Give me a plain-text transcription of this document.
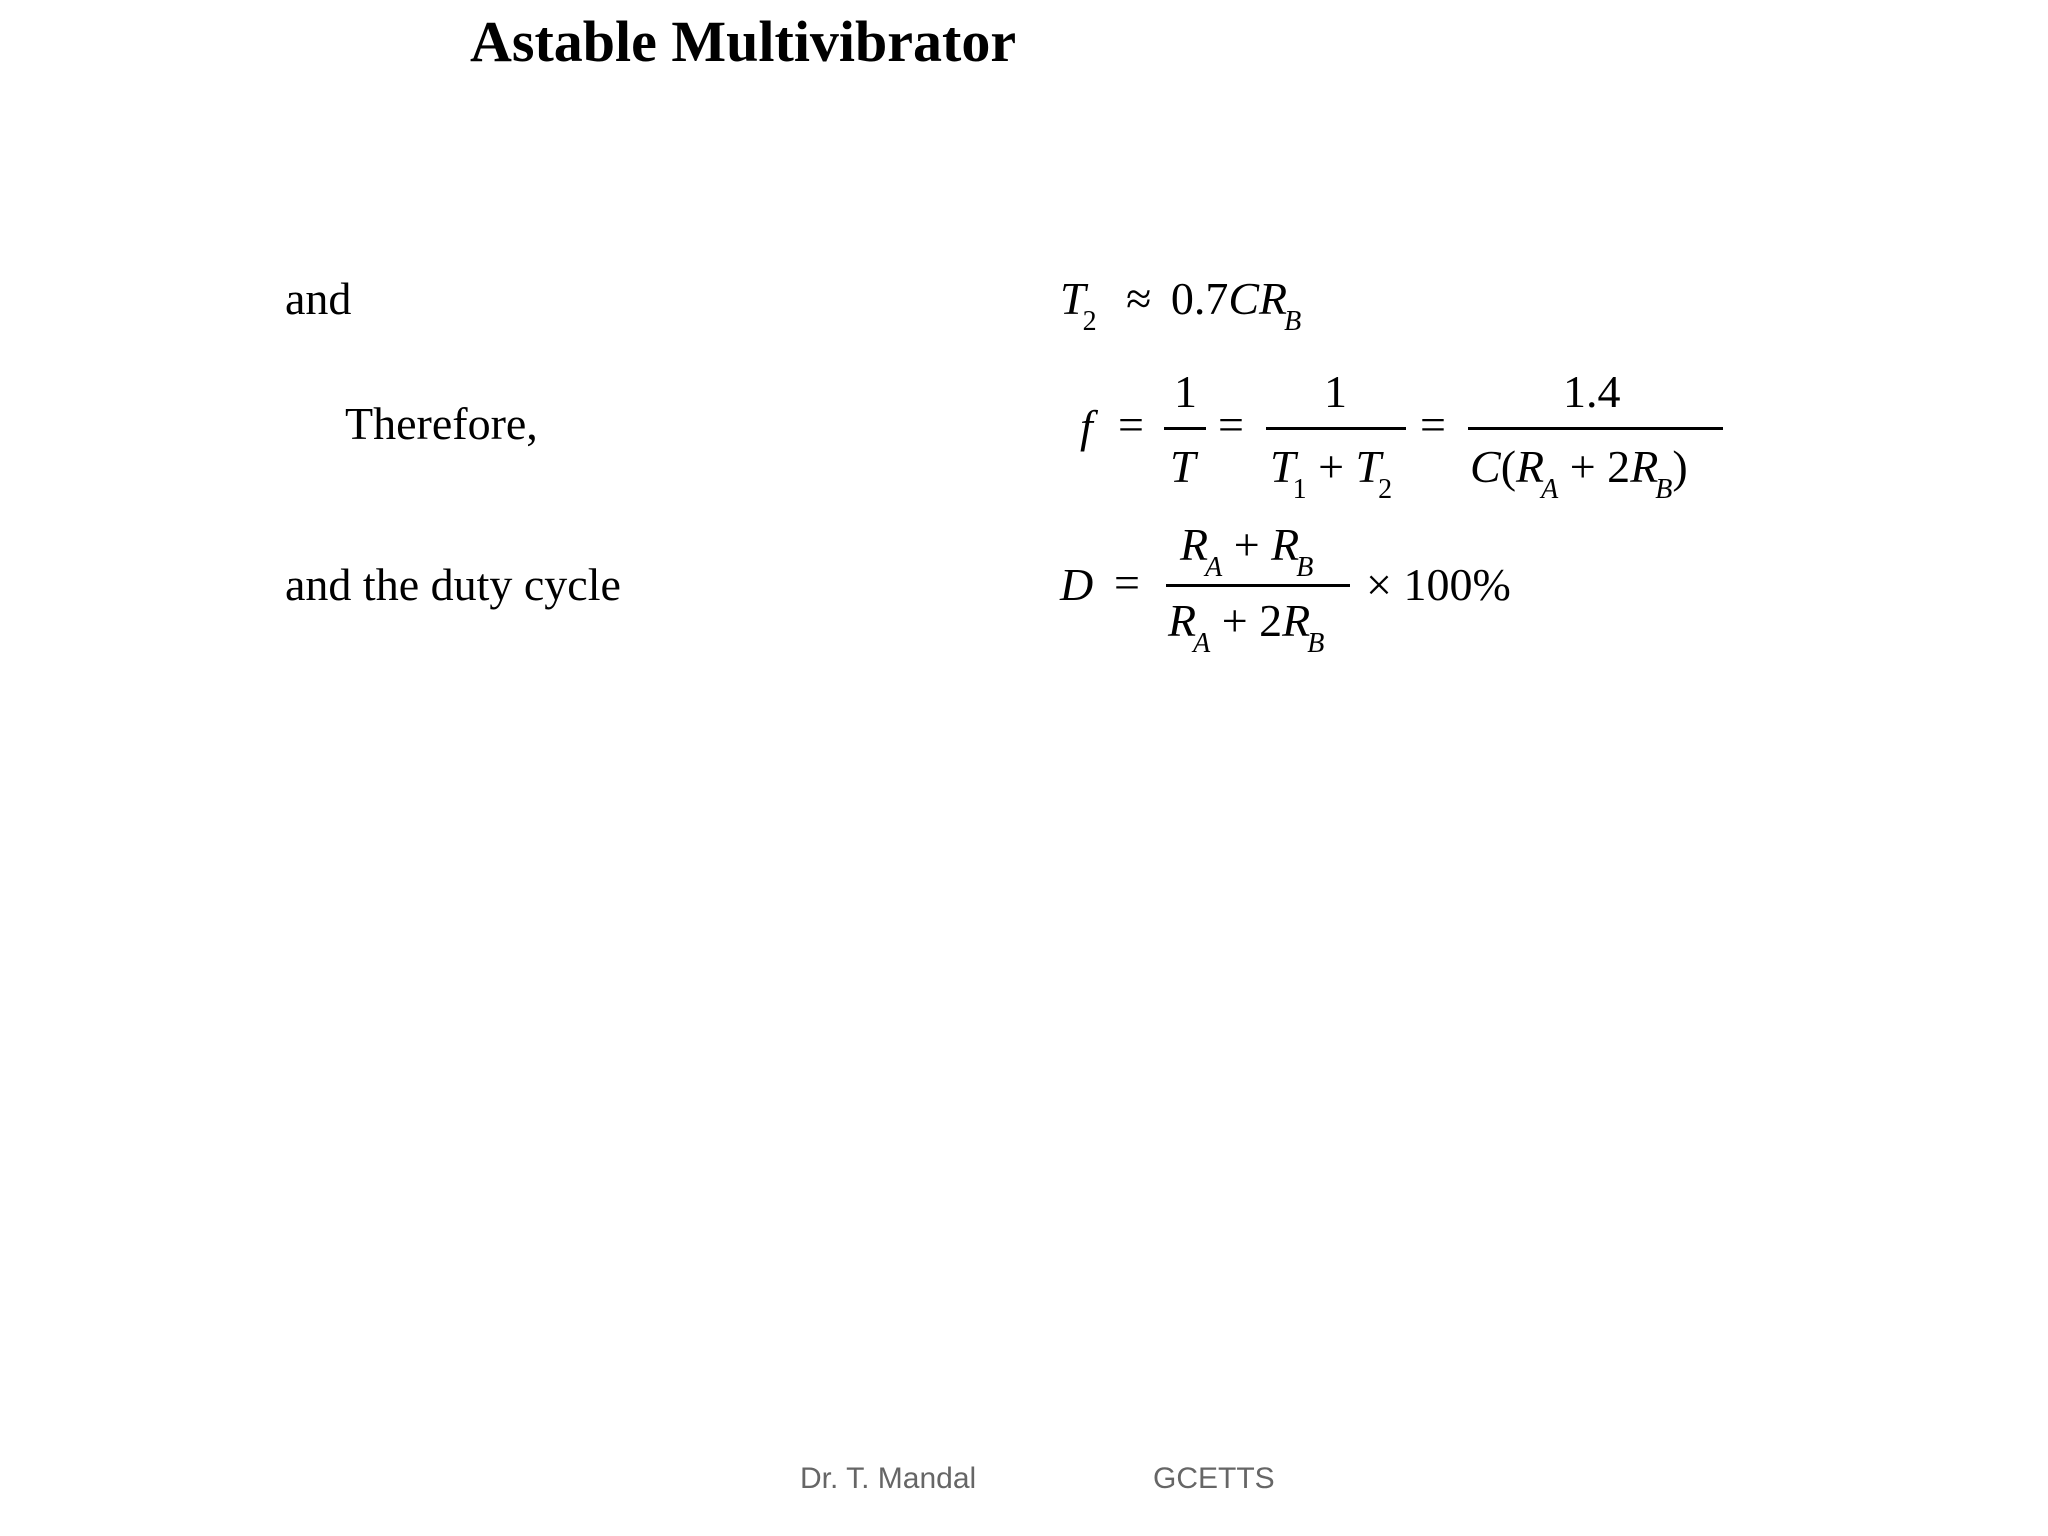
Astable Multivibrator
and
Therefore,
and the duty cycle
$T_2 \approx 0.7CR_B$
f =
1
T
=
1
$T_1 + T_2$
=
1.4
$C(R_A + 2R_B)$
D =
$R_A + R_B$
$R_A + 2R_B$
× 100%
Dr. T. Mandal	GCETTS
